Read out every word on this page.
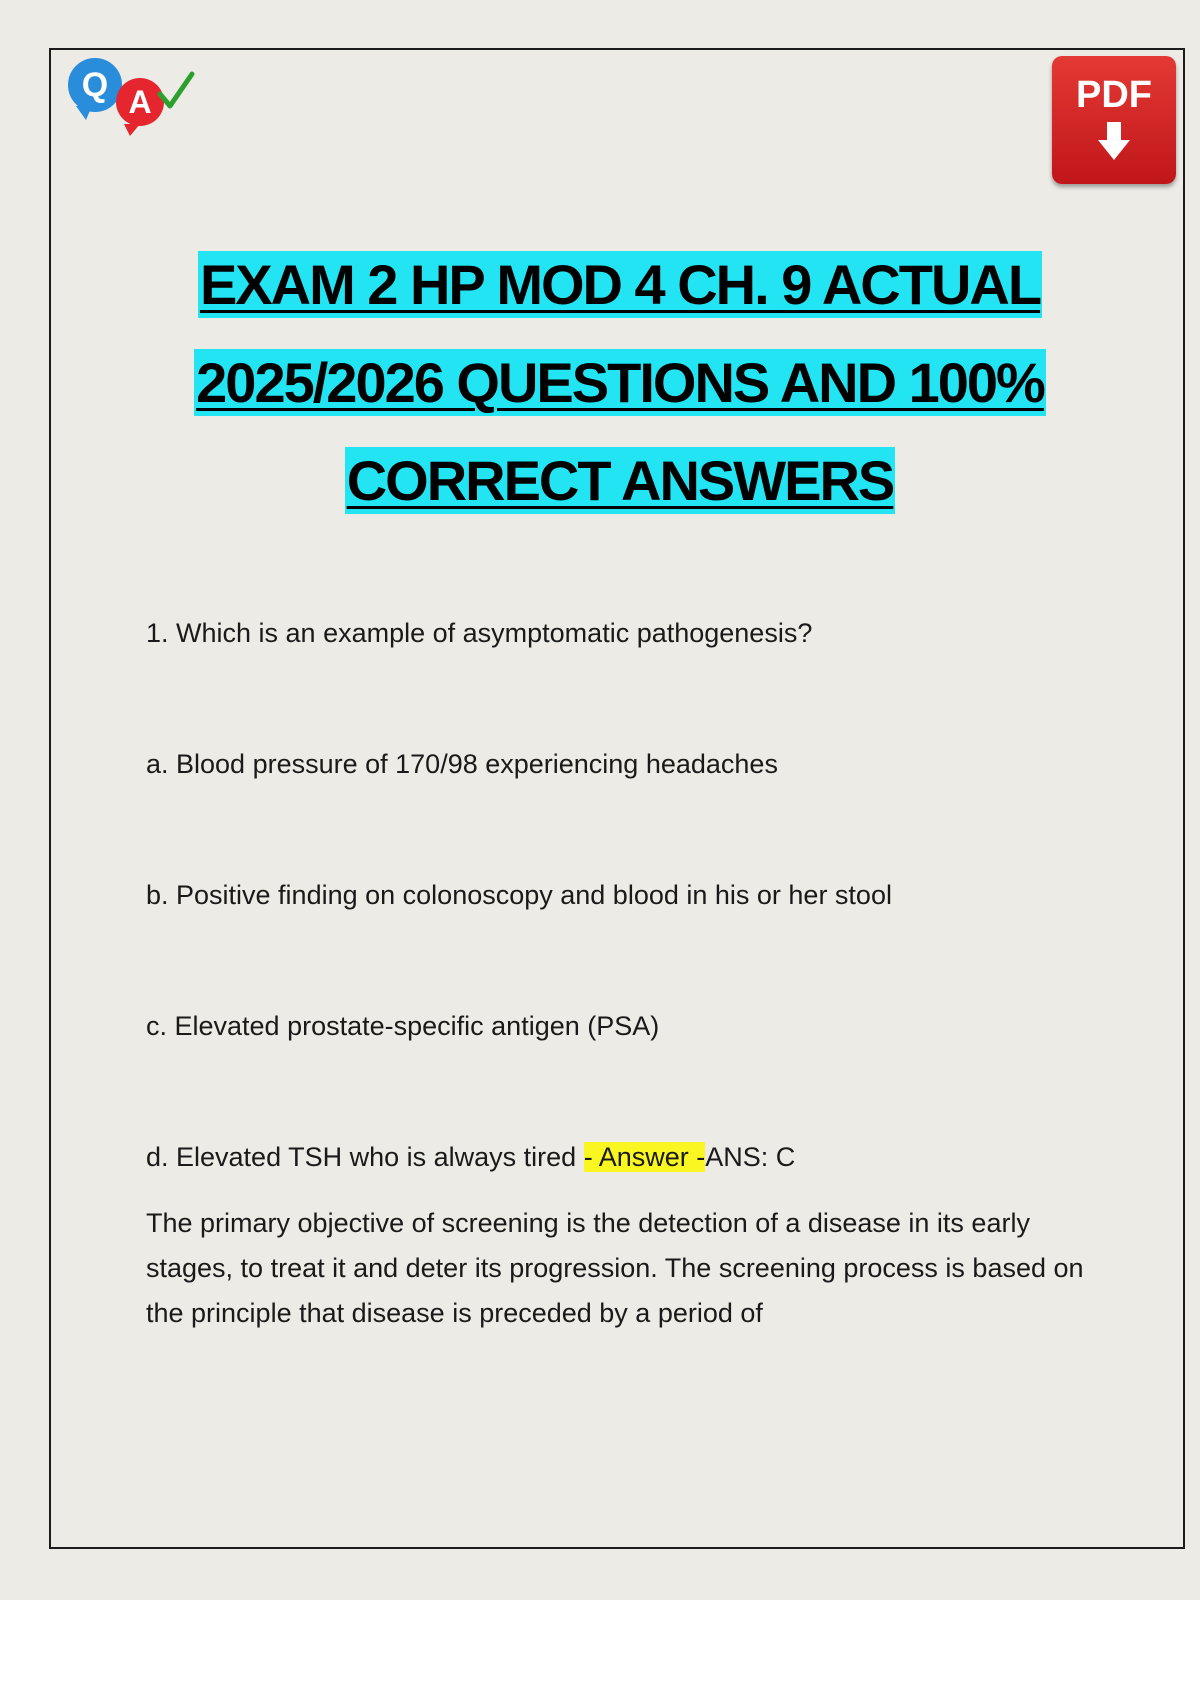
Q A	PDF
EXAM 2 HP MOD 4 CH. 9 ACTUAL
2025/2026 QUESTIONS AND 100%
CORRECT ANSWERS
1. Which is an example of asymptomatic pathogenesis?
a. Blood pressure of 170/98 experiencing headaches
b. Positive finding on colonoscopy and blood in his or her stool
c. Elevated prostate-specific antigen (PSA)
d. Elevated TSH who is always tired - Answer -ANS: C
The primary objective of screening is the detection of a disease in its early stages, to treat it and deter its progression. The screening process is based on the principle that disease is preceded by a period of
